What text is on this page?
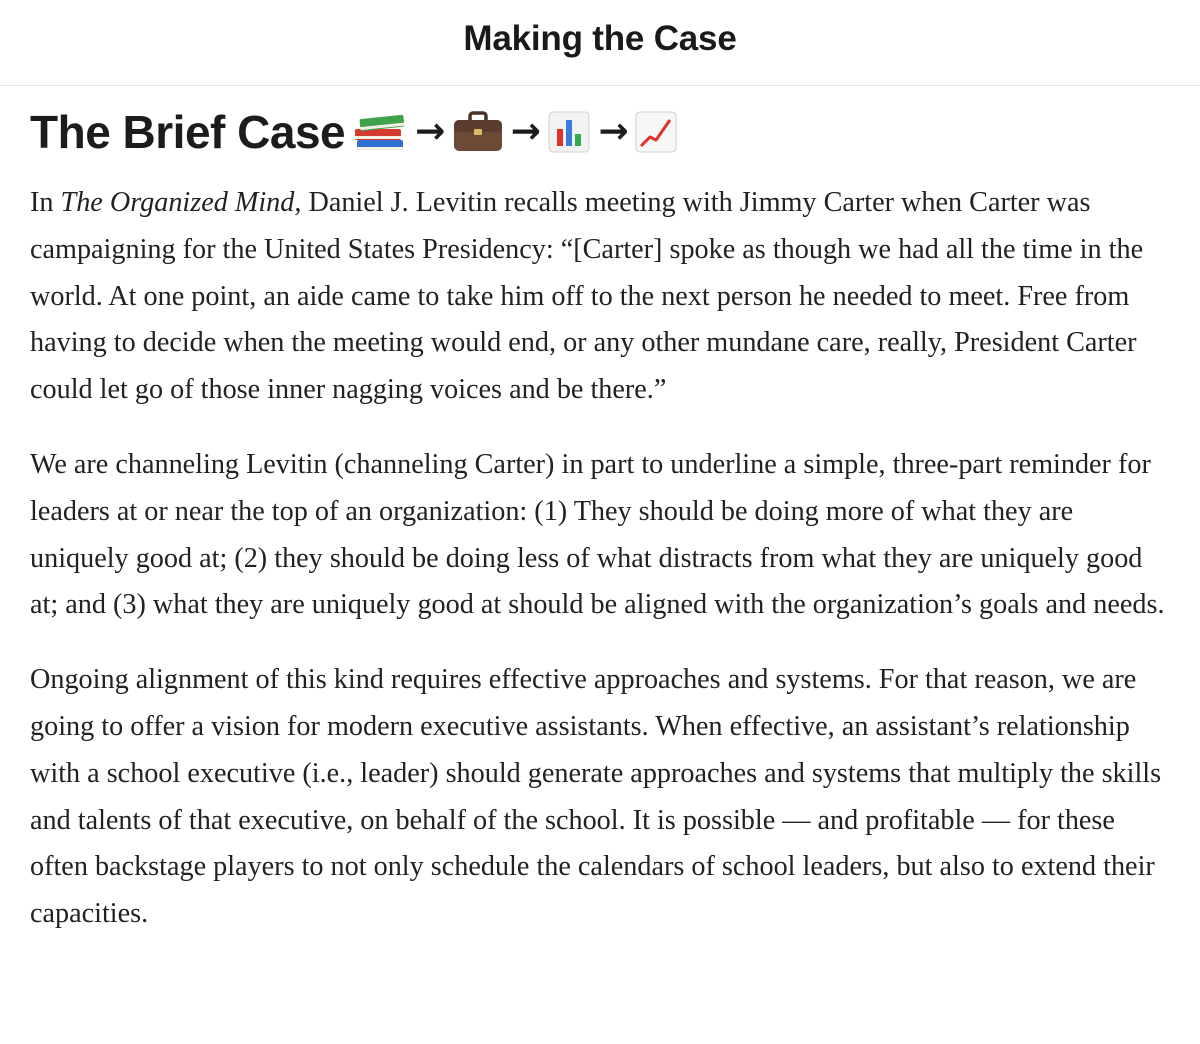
Making the Case
The Brief Case → → →

In The Organized Mind, Daniel J. Levitin recalls meeting with Jimmy Carter when Carter was campaigning for the United States Presidency: “[Carter] spoke as though we had all the time in the world. At one point, an aide came to take him off to the next person he needed to meet. Free from having to decide when the meeting would end, or any other mundane care, really, President Carter could let go of those inner nagging voices and be there.”

We are channeling Levitin (channeling Carter) in part to underline a simple, three-part reminder for leaders at or near the top of an organization: (1) They should be doing more of what they are uniquely good at; (2) they should be doing less of what distracts from what they are uniquely good at; and (3) what they are uniquely good at should be aligned with the organization’s goals and needs.

Ongoing alignment of this kind requires effective approaches and systems. For that reason, we are going to offer a vision for modern executive assistants. When effective, an assistant’s relationship with a school executive (i.e., leader) should generate approaches and systems that multiply the skills and talents of that executive, on behalf of the school. It is possible — and profitable — for these often backstage players to not only schedule the calendars of school leaders, but also to extend their capacities.
